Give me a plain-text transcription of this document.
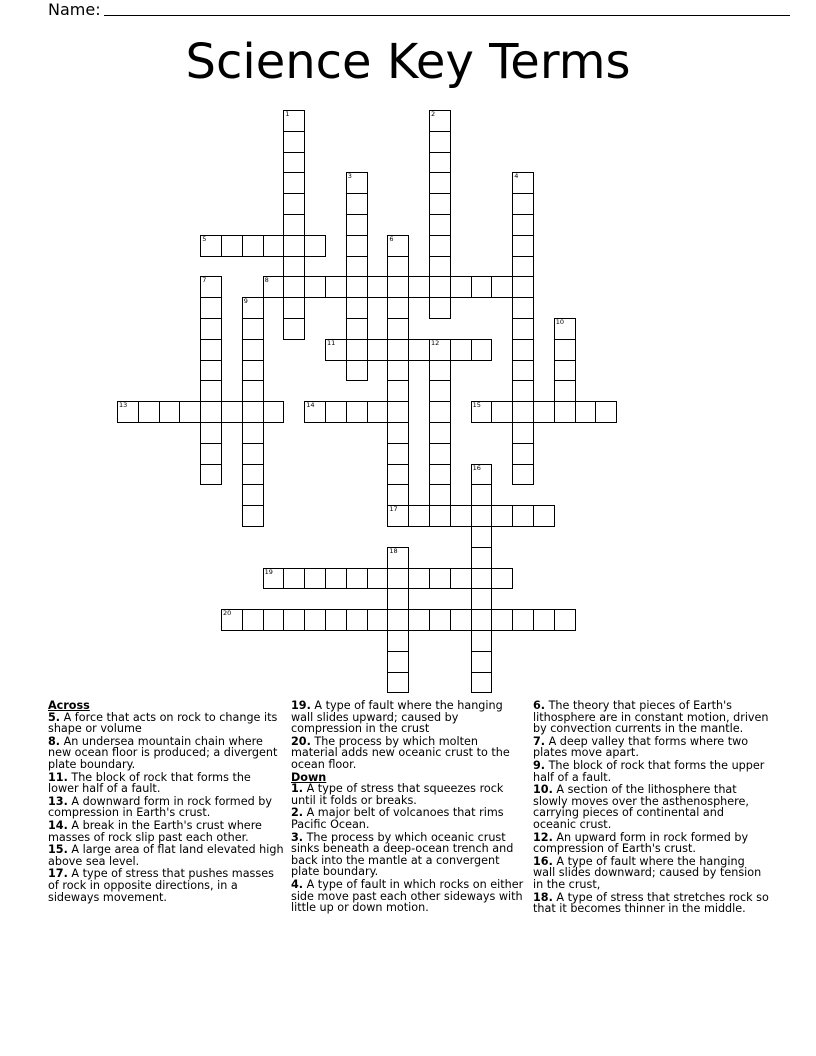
Name:
Science Key Terms
1	2
3	4
5	6
7	8
9
10
11	12
13	14	15
16
17
18
19
20
Across
5. A force that acts on rock to change its shape or volume
8. An undersea mountain chain where new ocean floor is produced; a divergent plate boundary.
11. The block of rock that forms the lower half of a fault.
13. A downward form in rock formed by compression in Earth's crust.
14. A break in the Earth's crust where masses of rock slip past each other.
15. A large area of flat land elevated high above sea level.
17. A type of stress that pushes masses of rock in opposite directions, in a sideways movement.
19. A type of fault where the hanging wall slides upward; caused by compression in the crust
20. The process by which molten material adds new oceanic crust to the ocean floor.
Down
1. A type of stress that squeezes rock until it folds or breaks.
2. A major belt of volcanoes that rims Pacific Ocean.
3. The process by which oceanic crust sinks beneath a deep-ocean trench and back into the mantle at a convergent plate boundary.
4. A type of fault in which rocks on either side move past each other sideways with little up or down motion.
6. The theory that pieces of Earth's lithosphere are in constant motion, driven by convection currents in the mantle.
7. A deep valley that forms where two plates move apart.
9. The block of rock that forms the upper half of a fault.
10. A section of the lithosphere that slowly moves over the asthenosphere, carrying pieces of continental and oceanic crust.
12. An upward form in rock formed by compression of Earth's crust.
16. A type of fault where the hanging wall slides downward; caused by tension in the crust,
18. A type of stress that stretches rock so that it becomes thinner in the middle.
